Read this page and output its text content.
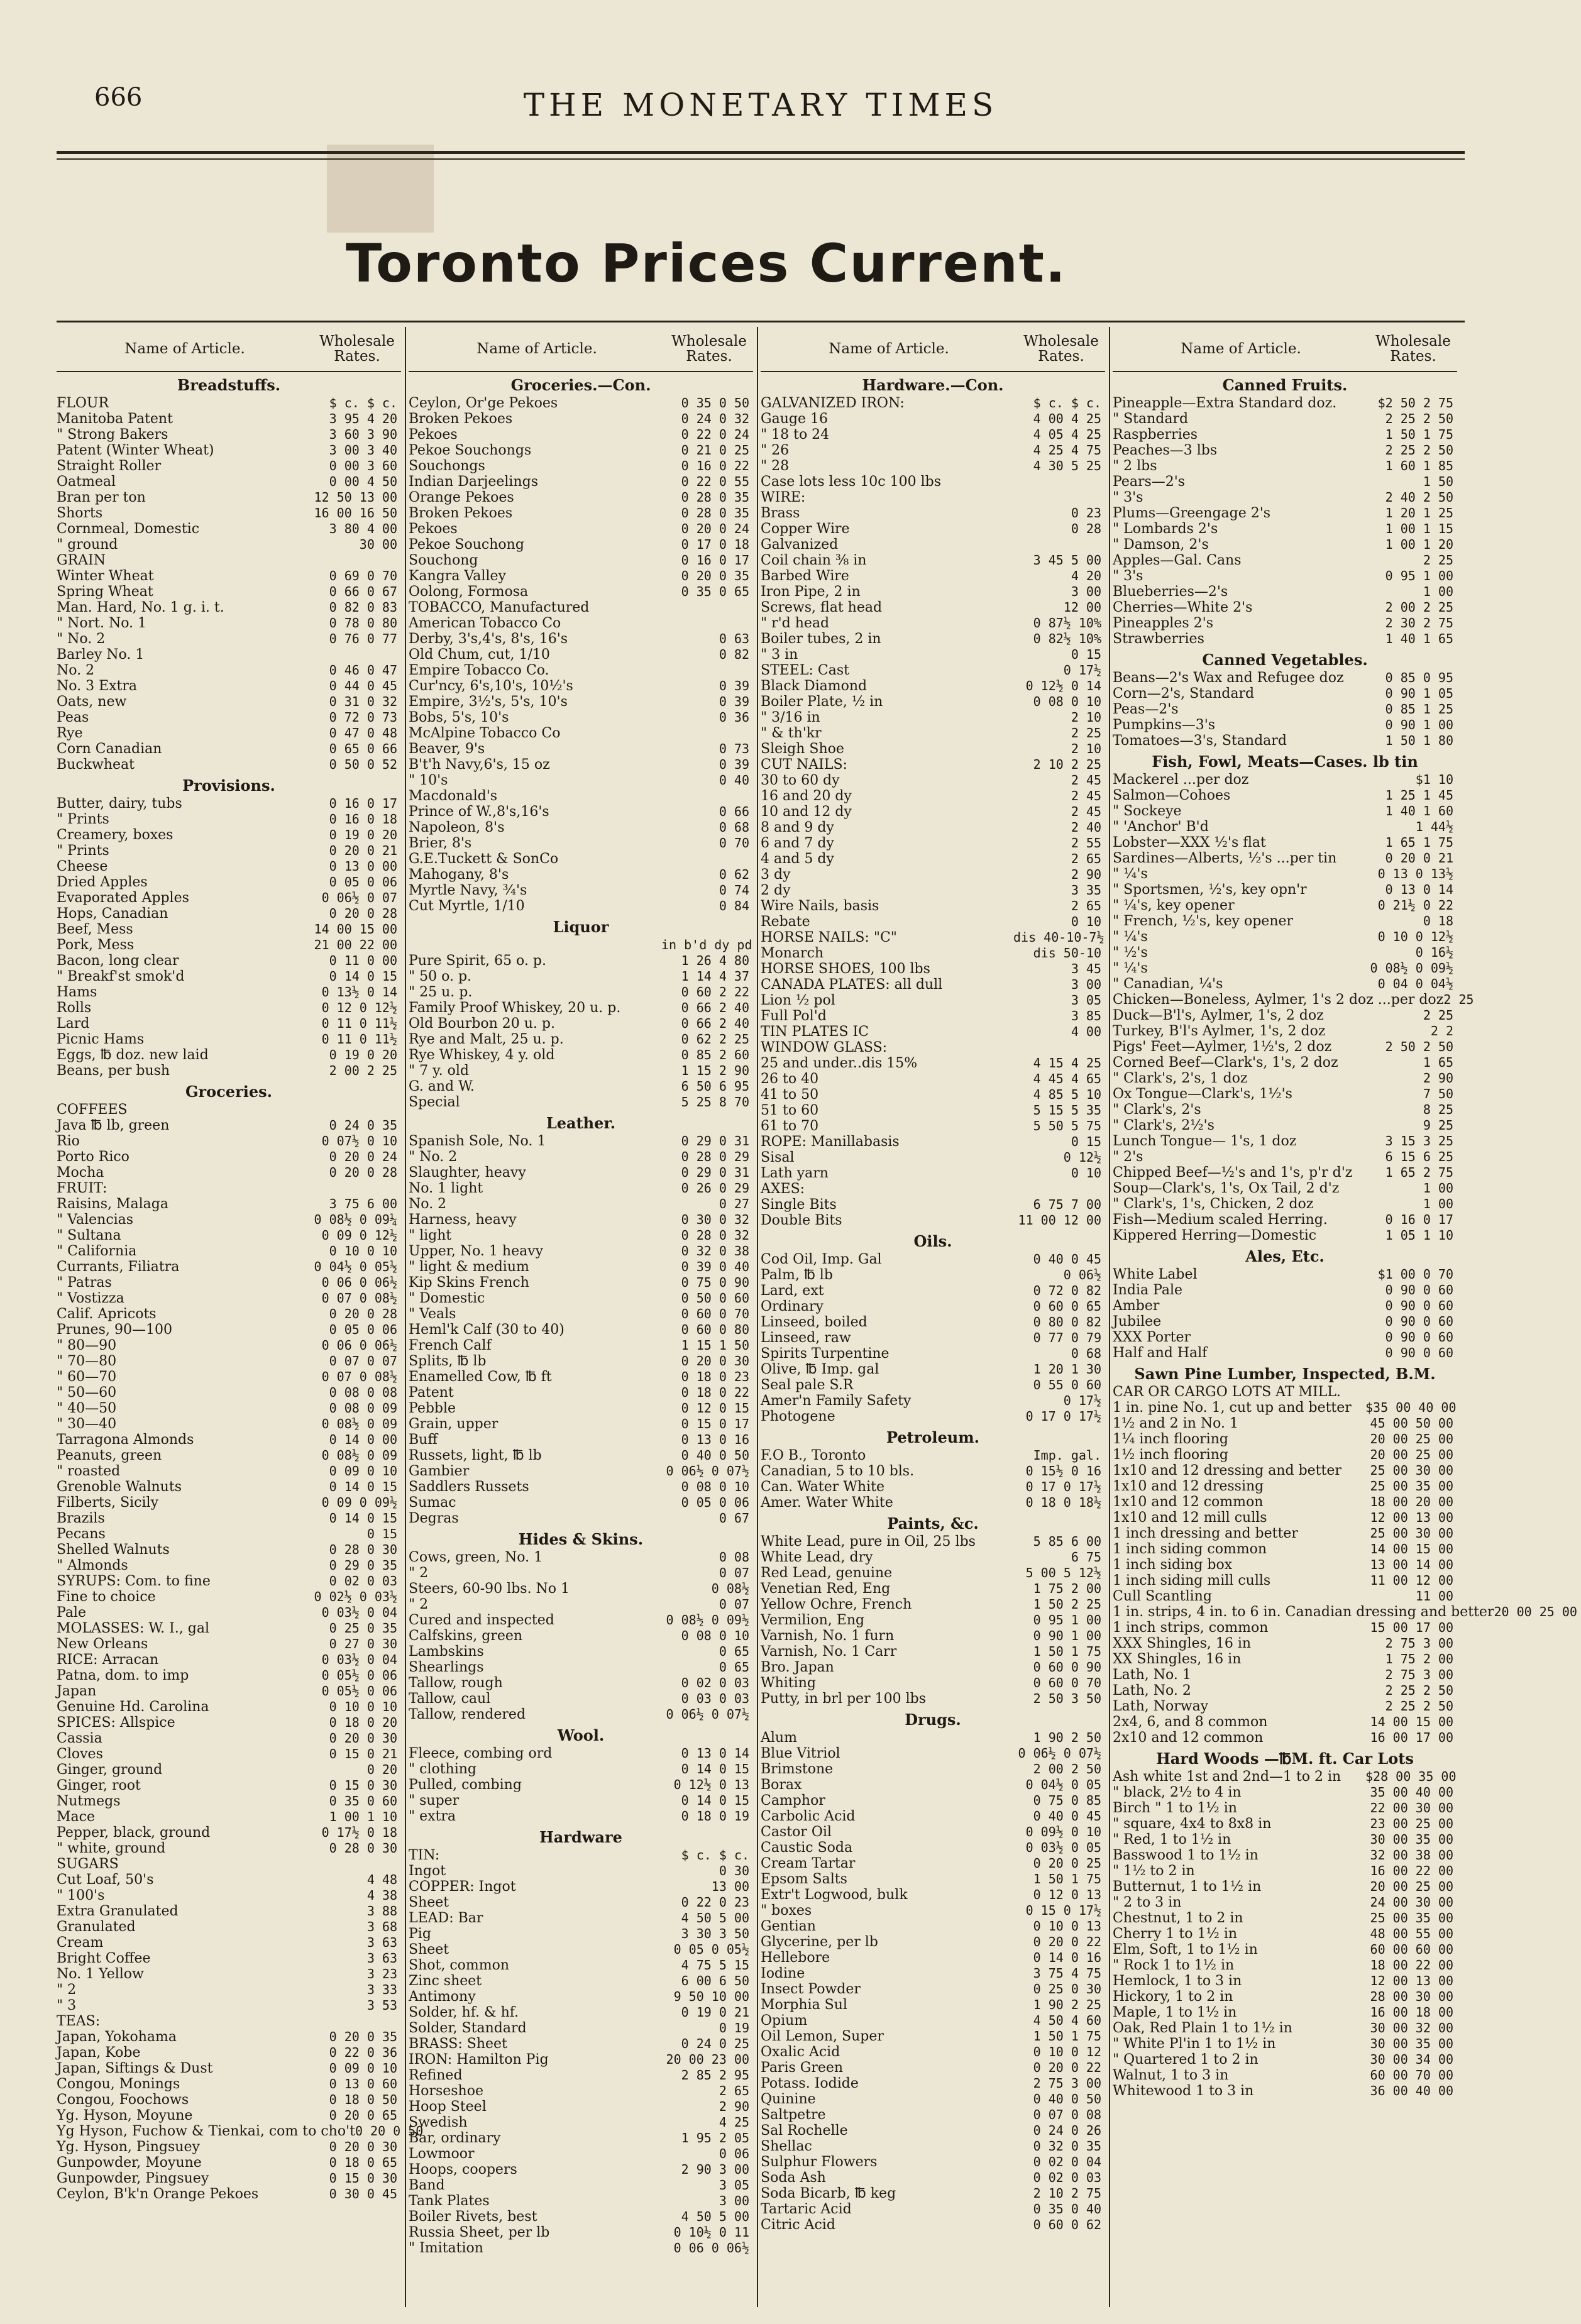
666	THE MONETARY TIMES
Toronto Prices Current.
Name of Article.	Wholesale Rates.
Breadstuffs.
FLOUR	$ c. $ c.
Manitoba Patent	3 95 4 20
" Strong Bakers	3 60 3 90
Patent (Winter Wheat)	3 00 3 40
Straight Roller	0 00 3 60
Oatmeal	0 00 4 50
Bran per ton	12 50 13 00
Shorts	16 00 16 50
Cornmeal, Domestic	3 80 4 00
" ground	30 00
GRAIN
Winter Wheat	0 69 0 70
Spring Wheat	0 66 0 67
Man. Hard, No. 1 g. i. t.	0 82 0 83
" Nort. No. 1	0 78 0 80
" No. 2	0 76 0 77
Barley No. 1
No. 2	0 46 0 47
No. 3 Extra	0 44 0 45
Oats, new	0 31 0 32
Peas	0 72 0 73
Rye	0 47 0 48
Corn Canadian	0 65 0 66
Buckwheat	0 50 0 52
Provisions.
Butter, dairy, tubs	0 16 0 17
" Prints	0 16 0 18
Creamery, boxes	0 19 0 20
" Prints	0 20 0 21
Cheese	0 13 0 00
Dried Apples	0 05 0 06
Evaporated Apples	0 06½ 0 07
Hops, Canadian	0 20 0 28
Beef, Mess	14 00 15 00
Pork, Mess	21 00 22 00
Bacon, long clear	0 11 0 00
" Breakf'st smok'd	0 14 0 15
Hams	0 13½ 0 14
Rolls	0 12 0 12½
Lard	0 11 0 11½
Picnic Hams	0 11 0 11½
Eggs, ℔ doz. new laid	0 19 0 20
Beans, per bush	2 00 2 25
Groceries.
COFFEES
Java ℔ lb, green	0 24 0 35
Rio	0 07½ 0 10
Porto Rico	0 20 0 24
Mocha	0 20 0 28
FRUIT:
Raisins, Malaga	3 75 6 00
" Valencias	0 08½ 0 09¼
" Sultana	0 09 0 12½
" California	0 10 0 10
Currants, Filiatra	0 04½ 0 05½
" Patras	0 06 0 06½
" Vostizza	0 07 0 08½
Calif. Apricots	0 20 0 28
Prunes, 90—100	0 05 0 06
" 80—90	0 06 0 06½
" 70—80	0 07 0 07
" 60—70	0 07 0 08½
" 50—60	0 08 0 08
" 40—50	0 08 0 09
" 30—40	0 08½ 0 09
Tarragona Almonds	0 14 0 00
Peanuts, green	0 08½ 0 09
" roasted	0 09 0 10
Grenoble Walnuts	0 14 0 15
Filberts, Sicily	0 09 0 09½
Brazils	0 14 0 15
Pecans	0 15
Shelled Walnuts	0 28 0 30
" Almonds	0 29 0 35
SYRUPS: Com. to fine	0 02 0 03
Fine to choice	0 02½ 0 03½
Pale	0 03½ 0 04
MOLASSES: W. I., gal	0 25 0 35
New Orleans	0 27 0 30
RICE: Arracan	0 03½ 0 04
Patna, dom. to imp	0 05½ 0 06
Japan	0 05½ 0 06
Genuine Hd. Carolina	0 10 0 10
SPICES: Allspice	0 18 0 20
Cassia	0 20 0 30
Cloves	0 15 0 21
Ginger, ground	0 20
Ginger, root	0 15 0 30
Nutmegs	0 35 0 60
Mace	1 00 1 10
Pepper, black, ground	0 17½ 0 18
" white, ground	0 28 0 30
SUGARS
Cut Loaf, 50's	4 48
" 100's	4 38
Extra Granulated	3 88
Granulated	3 68
Cream	3 63
Bright Coffee	3 63
No. 1 Yellow	3 23
" 2	3 33
" 3	3 53
TEAS:
Japan, Yokohama	0 20 0 35
Japan, Kobe	0 22 0 36
Japan, Siftings & Dust	0 09 0 10
Congou, Monings	0 13 0 60
Congou, Foochows	0 18 0 50
Yg. Hyson, Moyune	0 20 0 65
Yg Hyson, Fuchow & Tienkai, com to cho't 0 20 0 50
Yg. Hyson, Pingsuey	0 20 0 30
Gunpowder, Moyune	0 18 0 65
Gunpowder, Pingsuey	0 15 0 30
Ceylon, B'k'n Orange Pekoes	0 30 0 45
Name of Article.	Wholesale Rates.
Groceries.—Con.
Ceylon, Or'ge Pekoes	0 35 0 50
Broken Pekoes	0 24 0 32
Pekoes	0 22 0 24
Pekoe Souchongs	0 21 0 25
Souchongs	0 16 0 22
Indian Darjeelings	0 22 0 55
Orange Pekoes	0 28 0 35
Broken Pekoes	0 28 0 35
Pekoes	0 20 0 24
Pekoe Souchong	0 17 0 18
Souchong	0 16 0 17
Kangra Valley	0 20 0 35
Oolong, Formosa	0 35 0 65
TOBACCO, Manufactured
American Tobacco Co
Derby, 3's,4's, 8's, 16's	0 63
Old Chum, cut, 1/10	0 82
Empire Tobacco Co.
Cur'ncy, 6's,10's, 10½'s	0 39
Empire, 3½'s, 5's, 10's	0 39
Bobs, 5's, 10's	0 36
McAlpine Tobacco Co
Beaver, 9's	0 73
B't'h Navy,6's, 15 oz	0 39
" 10's	0 40
Macdonald's
Prince of W.,8's,16's	0 66
Napoleon, 8's	0 68
Brier, 8's	0 70
G.E.Tuckett & SonCo
Mahogany, 8's	0 62
Myrtle Navy, ¾'s	0 74
Cut Myrtle, 1/10	0 84
Liquor
in b'd dy pd
Pure Spirit, 65 o. p.	1 26 4 80
" 50 o. p.	1 14 4 37
" 25 u. p.	0 60 2 22
Family Proof Whiskey, 20 u. p.	0 66 2 40
Old Bourbon 20 u. p.	0 66 2 40
Rye and Malt, 25 u. p.	0 62 2 25
Rye Whiskey, 4 y. old	0 85 2 60
" 7 y. old	1 15 2 90
G. and W.	6 50 6 95
Special	5 25 8 70
Leather.
Spanish Sole, No. 1	0 29 0 31
" No. 2	0 28 0 29
Slaughter, heavy	0 29 0 31
No. 1 light	0 26 0 29
No. 2	0 27
Harness, heavy	0 30 0 32
" light	0 28 0 32
Upper, No. 1 heavy	0 32 0 38
" light & medium	0 39 0 40
Kip Skins French	0 75 0 90
" Domestic	0 50 0 60
" Veals	0 60 0 70
Heml'k Calf (30 to 40)	0 60 0 80
French Calf	1 15 1 50
Splits, ℔ lb	0 20 0 30
Enamelled Cow, ℔ ft	0 18 0 23
Patent	0 18 0 22
Pebble	0 12 0 15
Grain, upper	0 15 0 17
Buff	0 13 0 16
Russets, light, ℔ lb	0 40 0 50
Gambier	0 06½ 0 07½
Saddlers Russets	0 08 0 10
Sumac	0 05 0 06
Degras	0 67
Hides & Skins.
Cows, green, No. 1	0 08
" 2	0 07
Steers, 60-90 lbs. No 1	0 08½
" 2	0 07
Cured and inspected	0 08½ 0 09½
Calfskins, green	0 08 0 10
Lambskins	0 65
Shearlings	0 65
Tallow, rough	0 02 0 03
Tallow, caul	0 03 0 03
Tallow, rendered	0 06½ 0 07½
Wool.
Fleece, combing ord	0 13 0 14
" clothing	0 14 0 15
Pulled, combing	0 12½ 0 13
" super	0 14 0 15
" extra	0 18 0 19
Hardware
TIN:	$ c. $ c.
Ingot	0 30
COPPER: Ingot	13 00
Sheet	0 22 0 23
LEAD: Bar	4 50 5 00
Pig	3 30 3 50
Sheet	0 05 0 05½
Shot, common	4 75 5 15
Zinc sheet	6 00 6 50
Antimony	9 50 10 00
Solder, hf. & hf.	0 19 0 21
Solder, Standard	0 19
BRASS: Sheet	0 24 0 25
IRON: Hamilton Pig	20 00 23 00
Refined	2 85 2 95
Horseshoe	2 65
Hoop Steel	2 90
Swedish	4 25
Bar, ordinary	1 95 2 05
Lowmoor	0 06
Hoops, coopers	2 90 3 00
Band	3 05
Tank Plates	3 00
Boiler Rivets, best	4 50 5 00
Russia Sheet, per lb	0 10½ 0 11
" Imitation	0 06 0 06½
Name of Article.	Wholesale Rates.
Hardware.—Con.
GALVANIZED IRON:	$ c. $ c.
Gauge 16	4 00 4 25
" 18 to 24	4 05 4 25
" 26	4 25 4 75
" 28	4 30 5 25
Case lots less 10c 100 lbs
WIRE:
Brass	0 23
Copper Wire	0 28
Galvanized
Coil chain ⅜ in	3 45 5 00
Barbed Wire	4 20
Iron Pipe, 2 in	3 00
Screws, flat head	12 00
" r'd head	0 87½ 10%
Boiler tubes, 2 in	0 82½ 10%
" 3 in	0 15
STEEL: Cast	0 17½
Black Diamond	0 12½ 0 14
Boiler Plate, ½ in	0 08 0 10
" 3/16 in	2 10
" & th'kr	2 25
Sleigh Shoe	2 10
CUT NAILS:	2 10 2 25
30 to 60 dy	2 45
16 and 20 dy	2 45
10 and 12 dy	2 45
8 and 9 dy	2 40
6 and 7 dy	2 55
4 and 5 dy	2 65
3 dy	2 90
2 dy	3 35
Wire Nails, basis	2 65
Rebate	0 10
HORSE NAILS: "C"	dis 40-10-7½
Monarch	dis 50-10
HORSE SHOES, 100 lbs	3 45
CANADA PLATES: all dull	3 00
Lion ½ pol	3 05
Full Pol'd	3 85
TIN PLATES IC	4 00
WINDOW GLASS:
25 and under..dis 15%	4 15 4 25
26 to 40	4 45 4 65
41 to 50	4 85 5 10
51 to 60	5 15 5 35
61 to 70	5 50 5 75
ROPE: Manillabasis	0 15
Sisal	0 12½
Lath yarn	0 10
AXES:
Single Bits	6 75 7 00
Double Bits	11 00 12 00
Oils.
Cod Oil, Imp. Gal	0 40 0 45
Palm, ℔ lb	0 06½
Lard, ext	0 72 0 82
Ordinary	0 60 0 65
Linseed, boiled	0 80 0 82
Linseed, raw	0 77 0 79
Spirits Turpentine	0 68
Olive, ℔ Imp. gal	1 20 1 30
Seal pale S.R	0 55 0 60
Amer'n Family Safety	0 17½
Photogene	0 17 0 17½
Petroleum.
F.O B., Toronto	Imp. gal.
Canadian, 5 to 10 bls.	0 15½ 0 16
Can. Water White	0 17 0 17½
Amer. Water White	0 18 0 18½
Paints, &c.
White Lead, pure in Oil, 25 lbs	5 85 6 00
White Lead, dry	6 75
Red Lead, genuine	5 00 5 12½
Venetian Red, Eng	1 75 2 00
Yellow Ochre, French	1 50 2 25
Vermilion, Eng	0 95 1 00
Varnish, No. 1 furn	0 90 1 00
Varnish, No. 1 Carr	1 50 1 75
Bro. Japan	0 60 0 90
Whiting	0 60 0 70
Putty, in brl per 100 lbs	2 50 3 50
Drugs.
Alum	1 90 2 50
Blue Vitriol	0 06½ 0 07½
Brimstone	2 00 2 50
Borax	0 04½ 0 05
Camphor	0 75 0 85
Carbolic Acid	0 40 0 45
Castor Oil	0 09½ 0 10
Caustic Soda	0 03½ 0 05
Cream Tartar	0 20 0 25
Epsom Salts	1 50 1 75
Extr't Logwood, bulk	0 12 0 13
" boxes	0 15 0 17½
Gentian	0 10 0 13
Glycerine, per lb	0 20 0 22
Hellebore	0 14 0 16
Iodine	3 75 4 75
Insect Powder	0 25 0 30
Morphia Sul	1 90 2 25
Opium	4 50 4 60
Oil Lemon, Super	1 50 1 75
Oxalic Acid	0 10 0 12
Paris Green	0 20 0 22
Potass. Iodide	2 75 3 00
Quinine	0 40 0 50
Saltpetre	0 07 0 08
Sal Rochelle	0 24 0 26
Shellac	0 32 0 35
Sulphur Flowers	0 02 0 04
Soda Ash	0 02 0 03
Soda Bicarb, ℔ keg	2 10 2 75
Tartaric Acid	0 35 0 40
Citric Acid	0 60 0 62
Name of Article.	Wholesale Rates.
Canned Fruits.
Pineapple—Extra Standard doz.	$2 50 2 75
" Standard	2 25 2 50
Raspberries	1 50 1 75
Peaches—3 lbs	2 25 2 50
" 2 lbs	1 60 1 85
Pears—2's	1 50
" 3's	2 40 2 50
Plums—Greengage 2's	1 20 1 25
" Lombards 2's	1 00 1 15
" Damson, 2's	1 00 1 20
Apples—Gal. Cans	2 25
" 3's	0 95 1 00
Blueberries—2's	1 00
Cherries—White 2's	2 00 2 25
Pineapples 2's	2 30 2 75
Strawberries	1 40 1 65
Canned Vegetables.
Beans—2's Wax and Refugee doz	0 85 0 95
Corn—2's, Standard	0 90 1 05
Peas—2's	0 85 1 25
Pumpkins—3's	0 90 1 00
Tomatoes—3's, Standard	1 50 1 80
Fish, Fowl, Meats—Cases. lb tin
Mackerel ...per doz	$1 10
Salmon—Cohoes	1 25 1 45
" Sockeye	1 40 1 60
" 'Anchor' B'd	1 44½
Lobster—XXX ½'s flat	1 65 1 75
Sardines—Alberts, ½'s ...per tin	0 20 0 21
" ¼'s	0 13 0 13½
" Sportsmen, ½'s, key opn'r	0 13 0 14
" ¼'s, key opener	0 21½ 0 22
" French, ½'s, key opener	0 18
" ¼'s	0 10 0 12½
" ½'s	0 16½
" ¼'s	0 08½ 0 09½
" Canadian, ¼'s	0 04 0 04½
Chicken—Boneless, Aylmer, 1's 2 doz ...per doz 2 25
Duck—B'l's, Aylmer, 1's, 2 doz	2 25
Turkey, B'l's Aylmer, 1's, 2 doz	2 2
Pigs' Feet—Aylmer, 1½'s, 2 doz	2 50 2 50
Corned Beef—Clark's, 1's, 2 doz	1 65
" Clark's, 2's, 1 doz	2 90
Ox Tongue—Clark's, 1½'s	7 50
" Clark's, 2's	8 25
" Clark's, 2½'s	9 25
Lunch Tongue— 1's, 1 doz	3 15 3 25
" 2's	6 15 6 25
Chipped Beef—½'s and 1's, p'r d'z	1 65 2 75
Soup—Clark's, 1's, Ox Tail, 2 d'z	1 00
" Clark's, 1's, Chicken, 2 doz	1 00
Fish—Medium scaled Herring.	0 16 0 17
Kippered Herring—Domestic	1 05 1 10
Ales, Etc.
White Label	$1 00 0 70
India Pale	0 90 0 60
Amber	0 90 0 60
Jubilee	0 90 0 60
XXX Porter	0 90 0 60
Half and Half	0 90 0 60
Sawn Pine Lumber, Inspected, B.M.
CAR OR CARGO LOTS AT MILL.
1 in. pine No. 1, cut up and better	$35 00 40 00
1½ and 2 in No. 1	45 00 50 00
1¼ inch flooring	20 00 25 00
1½ inch flooring	20 00 25 00
1x10 and 12 dressing and better	25 00 30 00
1x10 and 12 dressing	25 00 35 00
1x10 and 12 common	18 00 20 00
1x10 and 12 mill culls	12 00 13 00
1 inch dressing and better	25 00 30 00
1 inch siding common	14 00 15 00
1 inch siding box	13 00 14 00
1 inch siding mill culls	11 00 12 00
Cull Scantling	11 00
1 in. strips, 4 in. to 6 in. Canadian dressing and better 20 00 25 00
1 inch strips, common	15 00 17 00
XXX Shingles, 16 in	2 75 3 00
XX Shingles, 16 in	1 75 2 00
Lath, No. 1	2 75 3 00
Lath, No. 2	2 25 2 50
Lath, Norway	2 25 2 50
2x4, 6, and 8 common	14 00 15 00
2x10 and 12 common	16 00 17 00
Hard Woods —℔M. ft. Car Lots
Ash white 1st and 2nd—1 to 2 in	$28 00 35 00
" black, 2½ to 4 in	35 00 40 00
Birch " 1 to 1½ in	22 00 30 00
" square, 4x4 to 8x8 in	23 00 25 00
" Red, 1 to 1½ in	30 00 35 00
Basswood 1 to 1½ in	32 00 38 00
" 1½ to 2 in	16 00 22 00
Butternut, 1 to 1½ in	20 00 25 00
" 2 to 3 in	24 00 30 00
Chestnut, 1 to 2 in	25 00 35 00
Cherry 1 to 1½ in	48 00 55 00
Elm, Soft, 1 to 1½ in	60 00 60 00
" Rock 1 to 1½ in	18 00 22 00
Hemlock, 1 to 3 in	12 00 13 00
Hickory, 1 to 2 in	28 00 30 00
Maple, 1 to 1½ in	16 00 18 00
Oak, Red Plain 1 to 1½ in	30 00 32 00
" White Pl'in 1 to 1½ in	30 00 35 00
" Quartered 1 to 2 in	30 00 34 00
Walnut, 1 to 3 in	60 00 70 00
Whitewood 1 to 3 in	36 00 40 00
